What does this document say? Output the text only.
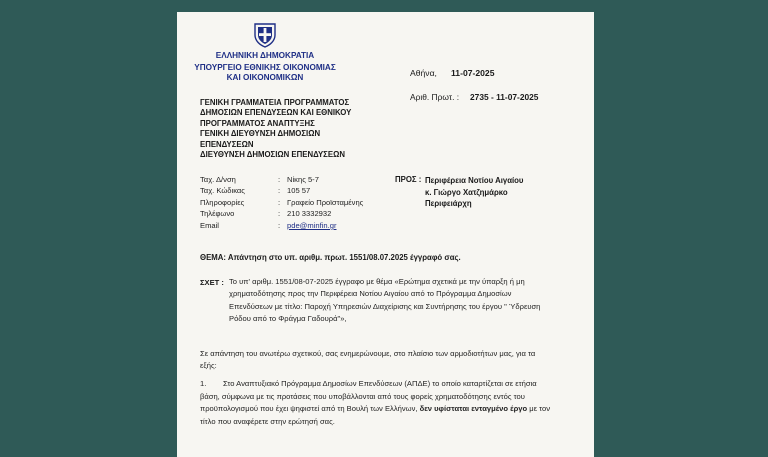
ΕΛΛΗΝΙΚΗ ΔΗΜΟΚΡΑΤΙΑ
ΥΠΟΥΡΓΕΙΟ ΕΘΝΙΚΗΣ ΟΙΚΟΝΟΜΙΑΣ
ΚΑΙ ΟΙΚΟΝΟΜΙΚΩΝ
ΓΕΝΙΚΗ ΓΡΑΜΜΑΤΕΙΑ ΠΡΟΓΡΑΜΜΑΤΟΣ
ΔΗΜΟΣΙΩΝ ΕΠΕΝΔΥΣΕΩΝ ΚΑΙ ΕΘΝΙΚΟΥ
ΠΡΟΓΡΑΜΜΑΤΟΣ ΑΝΑΠΤΥΞΗΣ
ΓΕΝΙΚΗ ΔΙΕΥΘΥΝΣΗ ΔΗΜΟΣΙΩΝ
ΕΠΕΝΔΥΣΕΩΝ
ΔΙΕΥΘΥΝΣΗ ΔΗΜΟΣΙΩΝ ΕΠΕΝΔΥΣΕΩΝ
Αθήνα, 11-07-2025
Αριθ. Πρωτ. : 2735 - 11-07-2025
Ταχ. Δ/νση	: Νίκης 5-7
Ταχ. Κώδικας	: 105 57
Πληροφορίες	: Γραφείο Προϊσταμένης
Τηλέφωνο	: 210 3332932
Email	: pde@minfin.gr
ΠΡΟΣ : Περιφέρεια Νοτίου Αιγαίου
κ. Γιώργο Χατζημάρκο
Περιφειάρχη
ΘΕΜΑ: Απάντηση στο υπ. αριθμ. πρωτ. 1551/08.07.2025 έγγραφό σας.
ΣΧΕΤ : Το υπ' αριθμ. 1551/08-07-2025 έγγραφο με θέμα «Ερώτημα σχετικά με την ύπαρξη ή μη
χρηματοδότησης προς την Περιφέρεια Νοτίου Αιγαίου από το Πρόγραμμα Δημοσίων
Επενδύσεων με τίτλο: Παροχή Υπηρεσιών Διαχείρισης και Συντήρησης του έργου " Ύδρευση
Ρόδου από το Φράγμα Γαδουρά"»,
Σε απάντηση του ανωτέρω σχετικού, σας ενημερώνουμε, στο πλαίσιο των αρμοδιοτήτων μας, για τα
εξής:
1. Στο Αναπτυξιακό Πρόγραμμα Δημοσίων Επενδύσεων (ΑΠΔΕ) το οποίο καταρτίζεται σε ετήσια
βάση, σύμφωνα με τις προτάσεις που υποβάλλονται από τους φορείς χρηματοδότησης εντός του
προϋπολογισμού που έχει ψηφιστεί από τη Βουλή των Ελλήνων, δεν υφίσταται ενταγμένο έργο με τον
τίτλο που αναφέρετε στην ερώτησή σας.
